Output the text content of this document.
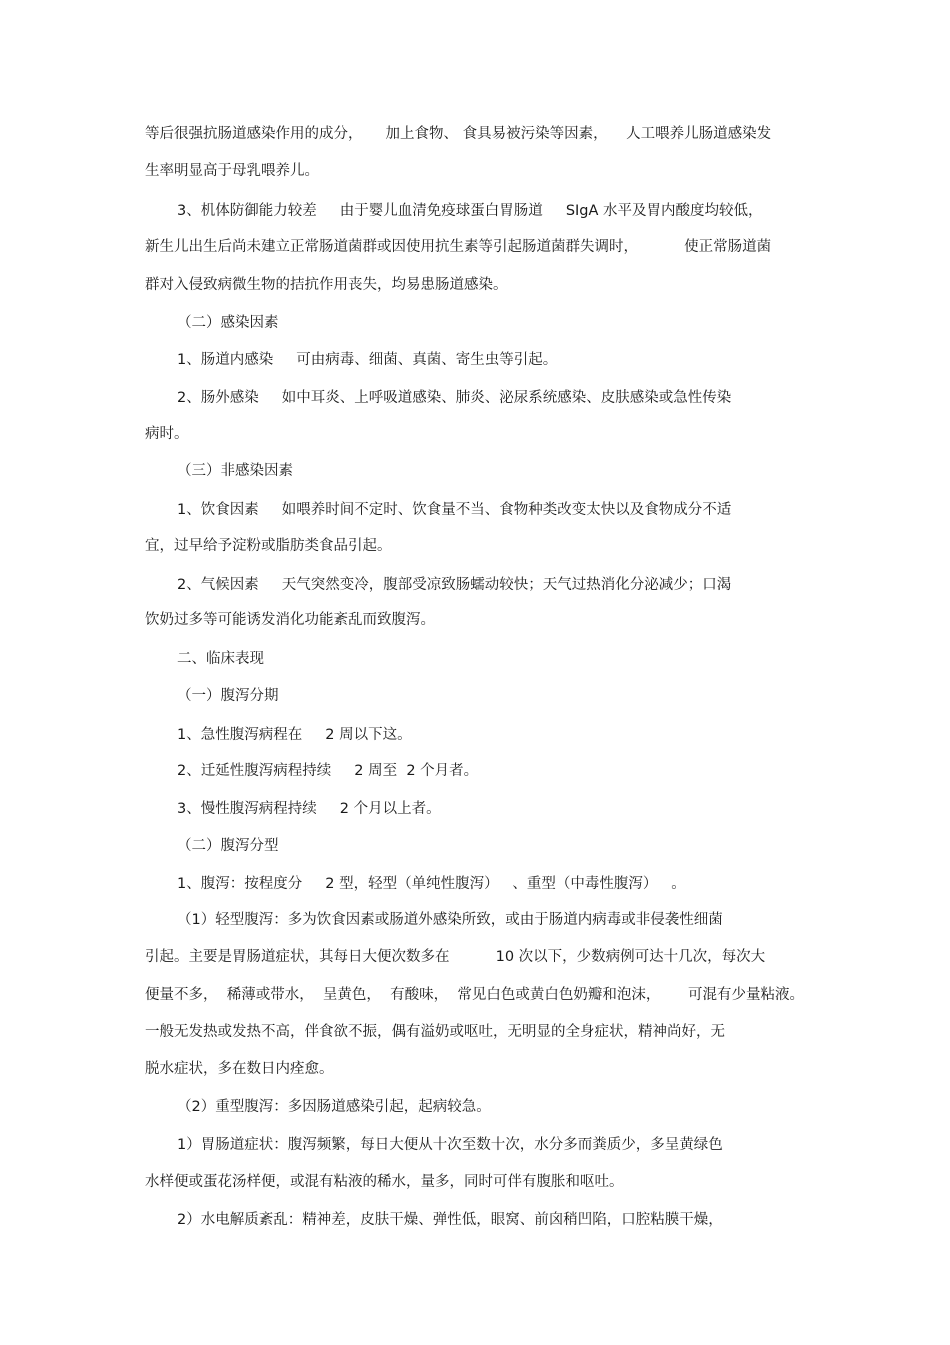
等后很强抗肠道感染作用的成分，     加上食物、 食具易被污染等因素，    人工喂养儿肠道感染发

生率明显高于母乳喂养儿。

3、机体防御能力较差     由于婴儿血清免疫球蛋白胃肠道     SIgA 水平及胃内酸度均较低，

新生儿出生后尚未建立正常肠道菌群或因使用抗生素等引起肠道菌群失调时，          使正常肠道菌

群对入侵致病微生物的拮抗作用丧失，均易患肠道感染。

（二）感染因素

1、肠道内感染     可由病毒、细菌、真菌、寄生虫等引起。

2、肠外感染     如中耳炎、上呼吸道感染、肺炎、泌尿系统感染、皮肤感染或急性传染

病时。

（三）非感染因素

1、饮食因素     如喂养时间不定时、饮食量不当、食物种类改变太快以及食物成分不适

宜，过早给予淀粉或脂肪类食品引起。

2、气候因素     天气突然变冷，腹部受凉致肠蠕动较快；天气过热消化分泌减少；口渴

饮奶过多等可能诱发消化功能紊乱而致腹泻。

二、临床表现

（一）腹泻分期

1、急性腹泻病程在     2 周以下这。

2、迁延性腹泻病程持续     2 周至  2 个月者。

3、慢性腹泻病程持续     2 个月以上者。

（二）腹泻分型

1、腹泻：按程度分     2 型，轻型（单纯性腹泻）   、重型（中毒性腹泻）   。

（1）轻型腹泻：多为饮食因素或肠道外感染所致，或由于肠道内病毒或非侵袭性细菌

引起。主要是胃肠道症状，其每日大便次数多在          10 次以下，少数病例可达十几次，每次大

便量不多，  稀薄或带水，  呈黄色，  有酸味，  常见白色或黄白色奶瓣和泡沫，      可混有少量粘液。

一般无发热或发热不高，伴食欲不振，偶有溢奶或呕吐，无明显的全身症状，精神尚好，无

脱水症状，多在数日内痊愈。

（2）重型腹泻：多因肠道感染引起，起病较急。

1）胃肠道症状：腹泻频繁，每日大便从十次至数十次，水分多而粪质少，多呈黄绿色

水样便或蛋花汤样便，或混有粘液的稀水，量多，同时可伴有腹胀和呕吐。

2）水电解质紊乱：精神差，皮肤干燥、弹性低，眼窝、前囟稍凹陷，口腔粘膜干燥，
